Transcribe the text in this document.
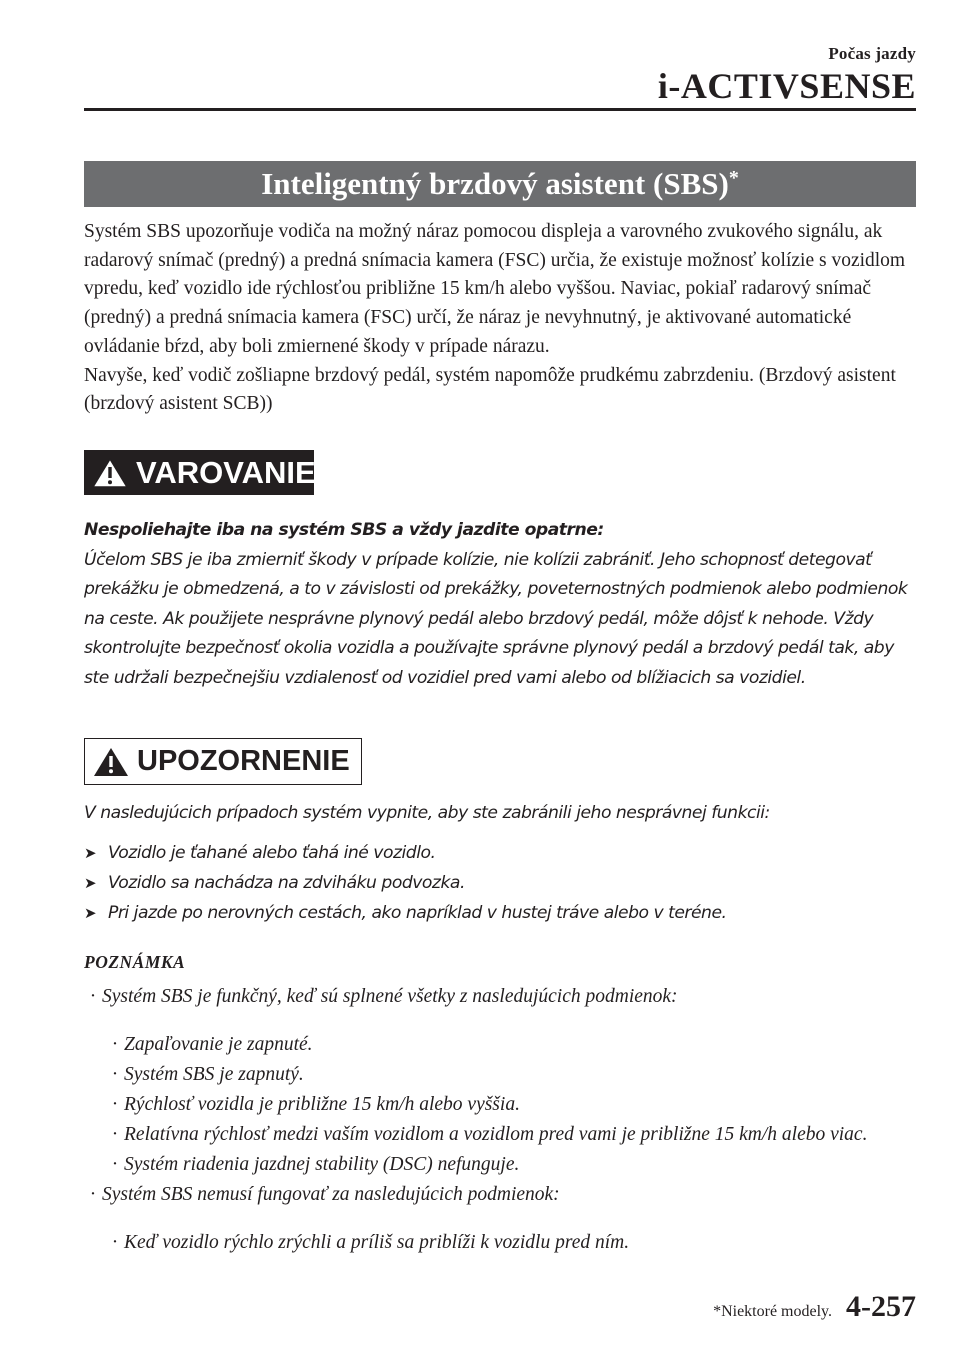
Počas jazdy
i-ACTIVSENSE
Inteligentný brzdový asistent (SBS)*

Systém SBS upozorňuje vodiča na možný náraz pomocou displeja a varovného zvukového signálu, ak radarový snímač (predný) a predná snímacia kamera (FSC) určia, že existuje možnosť kolízie s vozidlom vpredu, keď vozidlo ide rýchlosťou približne 15 km/h alebo vyššou. Naviac, pokiaľ radarový snímač (predný) a predná snímacia kamera (FSC) určí, že náraz je nevyhnutný, je aktivované automatické ovládanie bŕzd, aby boli zmiernené škody v prípade nárazu.

Navyše, keď vodič zošliapne brzdový pedál, systém napomôže prudkému zabrzdeniu. (Brzdový asistent (brzdový asistent SCB))

VAROVANIE

Nespoliehajte iba na systém SBS a vždy jazdite opatrne:

Účelom SBS je iba zmierniť škody v prípade kolízie, nie kolízii zabrániť. Jeho schopnosť detegovať prekážku je obmedzená, a to v závislosti od prekážky, poveternostných podmienok alebo podmienok na ceste. Ak použijete nesprávne plynový pedál alebo brzdový pedál, môže dôjsť k nehode. Vždy skontrolujte bezpečnosť okolia vozidla a používajte správne plynový pedál a brzdový pedál tak, aby ste udržali bezpečnejšiu vzdialenosť od vozidiel pred vami alebo od blížiacich sa vozidiel.

UPOZORNENIE

V nasledujúcich prípadoch systém vypnite, aby ste zabránili jeho nesprávnej funkcii:

➤ Vozidlo je ťahané alebo ťahá iné vozidlo.
➤ Vozidlo sa nachádza na zdviháku podvozka.
➤ Pri jazde po nerovných cestách, ako napríklad v hustej tráve alebo v teréne.
POZNÁMKA
· Systém SBS je funkčný, keď sú splnené všetky z nasledujúcich podmienok:
· Zapaľovanie je zapnuté.
· Systém SBS je zapnutý.
· Rýchlosť vozidla je približne 15 km/h alebo vyššia.
· Relatívna rýchlosť medzi vaším vozidlom a vozidlom pred vami je približne 15 km/h alebo viac.
· Systém riadenia jazdnej stability (DSC) nefunguje.
· Systém SBS nemusí fungovať za nasledujúcich podmienok:
· Keď vozidlo rýchlo zrýchli a príliš sa priblíži k vozidlu pred ním.
*Niektoré modely. 4-257
